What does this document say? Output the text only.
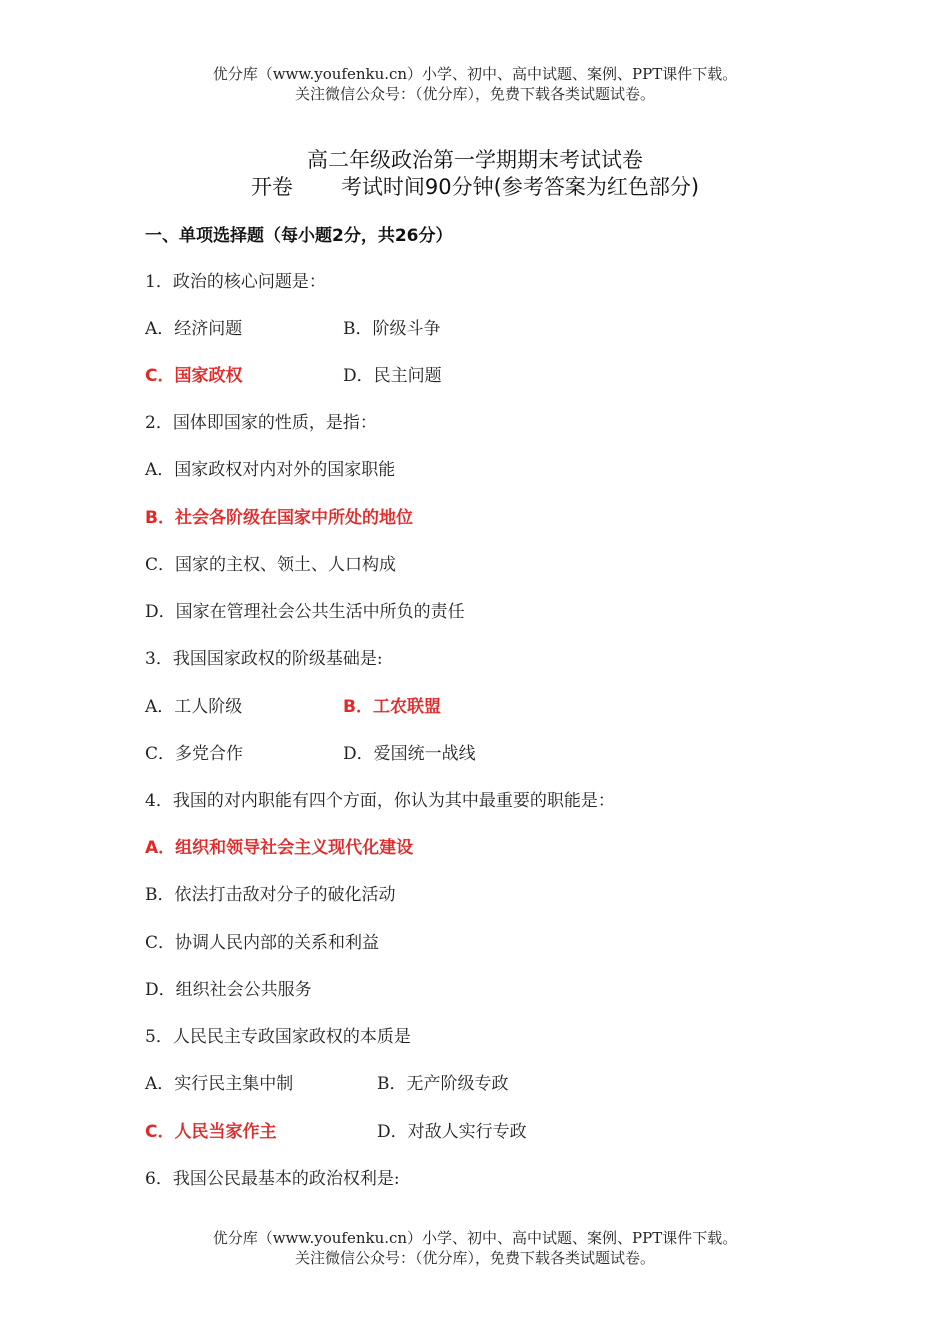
优分库（www.youfenku.cn）小学、初中、高中试题、案例、PPT课件下载。
关注微信公众号：（优分库），免费下载各类试题试卷。
高二年级政治第一学期期末考试试卷
开卷 考试时间90分钟(参考答案为红色部分)
一、单项选择题（每小题2分，共26分）
1．政治的核心问题是：
A．经济问题	B．阶级斗争
C．国家政权	D．民主问题
2．国体即国家的性质，是指：
A．国家政权对内对外的国家职能
B．社会各阶级在国家中所处的地位
C．国家的主权、领土、人口构成
D．国家在管理社会公共生活中所负的责任
3．我国国家政权的阶级基础是:
A．工人阶级	B．工农联盟
C．多党合作	D．爱国统一战线
4．我国的对内职能有四个方面，你认为其中最重要的职能是：
A．组织和领导社会主义现代化建设
B．依法打击敌对分子的破化活动
C．协调人民内部的关系和利益
D．组织社会公共服务
5．人民民主专政国家政权的本质是
A．实行民主集中制	B．无产阶级专政
C．人民当家作主	D．对敌人实行专政
6．我国公民最基本的政治权利是:
优分库（www.youfenku.cn）小学、初中、高中试题、案例、PPT课件下载。
关注微信公众号：（优分库），免费下载各类试题试卷。
